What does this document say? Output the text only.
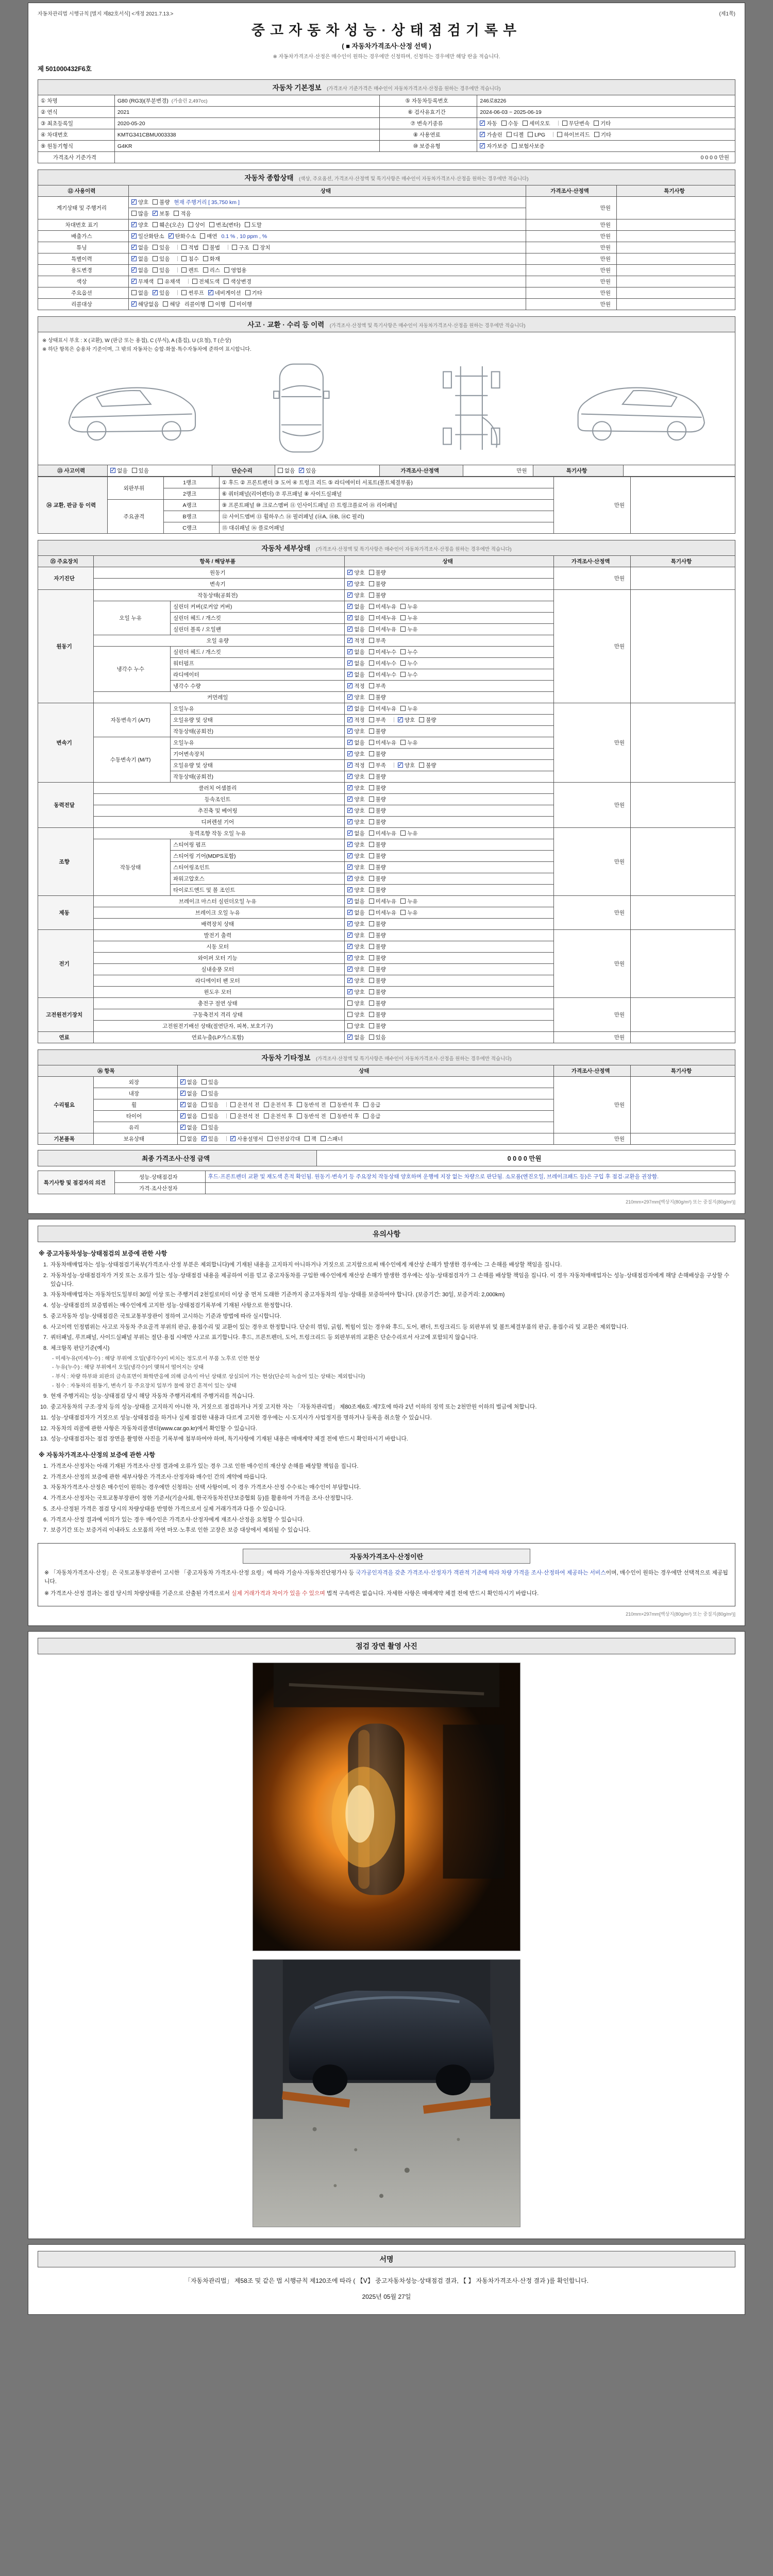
자동차관리법 시행규칙 [별지 제82호서식] <개정 2021.7.13.>	(제1쪽)
중고자동차성능·상태점검기록부
( ■ 자동차가격조사·산정 선택 )
※ 자동차가격조사·산정은 매수인이 원하는 경우에만 신청하며, 신청하는 경우에만 해당 란을 적습니다.
제 501000432F6호
자동차 기본정보 (가격조사 기준가격은 매수인이 자동차가격조사·산정을 원하는 경우에만 적습니다)
① 차명	G80 (RG3)(부분변경) (가솔린 2,497cc)	⑤ 자동차등록번호	246로8226
② 연식	2021	⑥ 검사유효기간	2024-06-03 ~ 2025-06-19
③ 최초등록일	2020-05-20	⑦ 변속기종류	✓자동 수동 세미오토 무단변속 기타
④ 차대번호	KMTG341CBMU003338	⑧ 사용연료	✓가솔린 디젤 LPG 하이브리드 기타
⑨ 원동기형식	G4KR	⑩ 보증유형	✓자가보증 보험사보증
가격조사 기준가격	0 0 0 0 만원		
자동차 종합상태 (색상, 주요옵션, 가격조사·산정액 및 특기사항은 매수인이 자동차가격조사·산정을 원하는 경우에만 적습니다)
⑫ 사용이력	상태	가격조사·산정액	특기사항
계기상태 및 주행거리	✓양호 불량 현재 주행거리 [ 35,750 km ]	만원	
	많음 ✓ 보통 적음
차대번호 표기	✓양호 훼손(오손) 상이 변조(변타) 도말	만원	
배출가스	✓일산화탄소 ✓ 탄화수소 매연 0.1 % , 10 ppm , %	만원	
튜닝	✓없음 있음 적법 불법 구조 장치	만원	
특별이력	✓없음 있음 침수 화재	만원	
용도변경	✓없음 있음 렌트 리스 영업용	만원	
색상	✓무채색 유채색 전체도색 색상변경	만원	
주요옵션	없음 ✓ 있음 썬루프 ✓ 네비게이션 기타	만원	
리콜대상	✓해당없음 해당 리콜이행 이행 미이행	만원	
사고 · 교환 · 수리 등 이력 (가격조사·산정액 및 특기사항은 매수인이 자동차가격조사·산정을 원하는 경우에만 적습니다)
※ 상태표시 부호 : X (교환), W (판금 또는 용접), C (부식), A (흠집), U (요철), T (손상)
※ 하단 항목은 승용차 기준이며, 그 밖의 자동차는 승합·화물·특수자동차에 준하여 표시합니다.
⑬ 사고이력	✓없음 있음	단순수리	없음 ✓ 있음	가격조사·산정액	만원	특기사항	
⑭ 교환, 판금 등 이력	외판부위	1랭크	① 후드 ② 프론트펜더 ③ 도어 ④ 트렁크 리드 ⑤ 라디에이터 서포트(볼트체결부품)	만원	
		2랭크	⑥ 쿼터패널(리어펜더) ⑦ 루프패널 ⑧ 사이드실패널		
	주요골격	A랭크	⑨ 프론트패널 ⑩ 크로스멤버 ⑪ 인사이드패널 ⑰ 트렁크플로어 ⑱ 리어패널		
		B랭크	⑫ 사이드멤버 ⑬ 휠하우스 ⑭ 필러패널 (⑭A, ⑭B, ⑭C 필러)		
		C랭크	⑮ 대쉬패널 ⑯ 플로어패널		
자동차 세부상태 (가격조사·산정액 및 특기사항은 매수인이 자동차가격조사·산정을 원하는 경우에만 적습니다)
⑮ 주요장치	항목 / 해당부품		상태	가격조사·산정액	특기사항
자기진단	원동기	✓양호 불량	만원	
	변속기	✓양호 불량
원동기	작동상태(공회전)	✓양호 불량	만원	
	오일 누유	실린더 커버(로커암 커버)	✓없음 미세누유 누유
		실린더 헤드 / 개스킷	✓없음 미세누유 누유
		실린더 블록 / 오일팬	✓없음 미세누유 누유
	오일 유량	✓적정 부족
	냉각수 누수	실린더 헤드 / 개스킷	✓없음 미세누수 누수
		워터펌프	✓없음 미세누수 누수
		라디에이터	✓없음 미세누수 누수
		냉각수 수량	✓적정 부족
	커먼레일	✓양호 불량
변속기	자동변속기 (A/T)	오일누유	✓없음 미세누유 누유	만원	
		오일유량 및 상태	✓적정 부족 ✓ 양호 불량
		작동상태(공회전)	✓양호 불량
	수동변속기 (M/T)	오일누유	✓없음 미세누유 누유
		기어변속장치	✓양호 불량
		오일유량 및 상태	✓적정 부족 ✓ 양호 불량
		작동상태(공회전)	✓양호 불량
동력전달	클러치 어셈블리	✓양호 불량	만원	
	등속조인트	✓양호 불량
	추진축 및 베어링	✓양호 불량
	디퍼렌셜 기어	✓양호 불량
조향	동력조향 작동 오일 누유	✓없음 미세누유 누유	만원	
	작동상태	스티어링 펌프	✓양호 불량
		스티어링 기어(MDPS포함)	✓양호 불량
		스티어링조인트	✓양호 불량
		파워고압호스	✓양호 불량
		타이로드엔드 및 볼 조인트	✓양호 불량
제동	브레이크 마스터 실린더오일 누유	✓없음 미세누유 누유	만원	
	브레이크 오일 누유	✓없음 미세누유 누유
	배력장치 상태	✓양호 불량
전기	발전기 출력	✓양호 불량	만원	
	시동 모터	✓양호 불량
	와이퍼 모터 기능	✓양호 불량
	실내송풍 모터	✓양호 불량
	라디에이터 팬 모터	✓양호 불량
	윈도우 모터	✓양호 불량
고전원전기장치	충전구 절연 상태		양호 불량	만원	
	구동축전지 격리 상태		양호 불량		
	고전원전기배선 상태(절연단자, 피복, 보호기구)		양호 불량		
연료	연료누출(LP가스포함)	✓없음 있음	만원	
자동차 기타정보 (가격조사·산정액 및 특기사항은 매수인이 자동차가격조사·산정을 원하는 경우에만 적습니다)
⑯ 항목		상태	가격조사·산정액	특기사항
수리필요	외장	✓없음 있음	만원	
	내장	✓없음 있음
	휠	✓없음 있음 운전석 전 운전석 후 동반석 전 동반석 후 응급
	타이어	✓없음 있음 운전석 전 운전석 후 동반석 전 동반석 후 응급
	유리	✓없음 있음
기본품목	보유상태	없음 ✓ 있음 ✓ 사용설명서 안전삼각대 잭 스패너	만원	
최종 가격조사·산정 금액	0 0 0 0 만원
특기사항 및 점검자의 의견	성능·상태점검자	후드·프론트펜더 교환 및 재도색 흔적 확인됨. 원동기·변속기 등 주요장치 작동상태 양호하며 운행에 지장 없는 차량으로 판단됨. 소모품(엔진오일, 브레이크패드 등)은 구입 후 점검·교환을 권장함.
	가격·조사산정자	
210mm×297mm[백상지(80g/m²) 또는 중질지(80g/m²)]
유의사항
※ 중고자동차성능·상태점검의 보증에 관한 사항
1. 자동차매매업자는 성능·상태점검기록부(가격조사·산정 부분은 제외합니다)에 기재된 내용을 고지하지 아니하거나 거짓으로 고지함으로써 매수인에게 재산상 손해가 발생한 경우에는 그 손해를 배상할 책임을 집니다.
2. 자동차성능·상태점검자가 거짓 또는 오류가 있는 성능·상태점검 내용을 제공하여 이를 믿고 중고자동차를 구입한 매수인에게 재산상 손해가 발생한 경우에는 성능·상태점검자가 그 손해를 배상할 책임을 집니다. 이 경우 자동차매매업자는 성능·상태점검자에게 해당 손해배상을 구상할 수 있습니다.
3. 자동차매매업자는 자동차인도일부터 30일 이상 또는 주행거리 2천킬로미터 이상 중 먼저 도래한 기준까지 중고자동차의 성능·상태를 보증하여야 합니다. (보증기간: 30일, 보증거리: 2,000km)
4. 성능·상태점검의 보증범위는 매수인에게 고지한 성능·상태점검기록부에 기재된 사항으로 한정합니다.
5. 중고자동차 성능·상태점검은 국토교통부장관이 정하여 고시하는 기준과 방법에 따라 실시합니다.
6. 사고이력 인정범위는 사고로 자동차 주요골격 부위의 판금, 용접수리 및 교환이 있는 경우로 한정합니다. 단순히 꺾임, 긁힘, 찍힘이 있는 경우와 후드, 도어, 펜더, 트렁크리드 등 외판부위 및 볼트체결부품의 판금, 용접수리 및 교환은 제외합니다.
7. 쿼터패널, 루프패널, 사이드실패널 부위는 절단·용접 시에만 사고로 표기합니다. 후드, 프론트펜더, 도어, 트렁크리드 등 외판부위의 교환은 단순수리로서 사고에 포함되지 않습니다.
8. 체크항목 판단기준(예시)
- 미세누유(미세누수) : 해당 부위에 오일(냉각수)이 비치는 정도로서 부품 노후로 인한 현상
- 누유(누수) : 해당 부위에서 오일(냉각수)이 맺혀서 떨어지는 상태
- 부식 : 차량 하부와 외판의 금속표면이 화학반응에 의해 금속이 아닌 상태로 상실되어 가는 현상(단순히 녹슬어 있는 상태는 제외합니다)
- 침수 : 자동차의 원동기, 변속기 등 주요장치 일부가 물에 잠긴 흔적이 있는 상태
9. 현재 주행거리는 성능·상태점검 당시 해당 자동차 주행거리계의 주행거리를 적습니다.
10. 중고자동차의 구조·장치 등의 성능·상태를 고지하지 아니한 자, 거짓으로 점검하거나 거짓 고지한 자는 「자동차관리법」 제80조제6호·제7호에 따라 2년 이하의 징역 또는 2천만원 이하의 벌금에 처합니다.
11. 성능·상태점검자가 거짓으로 성능·상태점검을 하거나 실제 점검한 내용과 다르게 고지한 경우에는 시·도지사가 사업정지를 명하거나 등록을 취소할 수 있습니다.
12. 자동차의 리콜에 관한 사항은 자동차리콜센터(www.car.go.kr)에서 확인할 수 있습니다.
13. 성능·상태점검자는 점검 장면을 촬영한 사진을 기록부에 첨부하여야 하며, 특기사항에 기재된 내용은 매매계약 체결 전에 반드시 확인하시기 바랍니다.
※ 자동차가격조사·산정의 보증에 관한 사항
1. 가격조사·산정자는 아래 기재된 가격조사·산정 결과에 오류가 있는 경우 그로 인한 매수인의 재산상 손해를 배상할 책임을 집니다.
2. 가격조사·산정의 보증에 관한 세부사항은 가격조사·산정자와 매수인 간의 계약에 따릅니다.
3. 자동차가격조사·산정은 매수인이 원하는 경우에만 신청하는 선택 사항이며, 이 경우 가격조사·산정 수수료는 매수인이 부담합니다.
4. 가격조사·산정자는 국토교통부장관이 정한 기준서(기술사회, 한국자동차진단보증협회 등)를 활용하여 가격을 조사·산정합니다.
5. 조사·산정된 가격은 점검 당시의 차량상태를 반영한 가격으로서 실제 거래가격과 다를 수 있습니다.
6. 가격조사·산정 결과에 이의가 있는 경우 매수인은 가격조사·산정자에게 재조사·산정을 요청할 수 있습니다.
7. 보증기간 또는 보증거리 이내라도 소모품의 자연 마모·노후로 인한 고장은 보증 대상에서 제외될 수 있습니다.
자동차가격조사·산정이란
※ 「자동차가격조사·산정」은 국토교통부장관이 고시한 「중고자동차 가격조사·산정 요령」에 따라 기술사·자동차진단평가사 등 국가공인자격을 갖춘 가격조사·산정자가 객관적 기준에 따라 차량 가격을 조사·산정하여 제공하는 서비스이며, 매수인이 원하는 경우에만 선택적으로 제공됩니다.
※ 가격조사·산정 결과는 점검 당시의 차량상태를 기준으로 산출된 가격으로서 실제 거래가격과 차이가 있을 수 있으며 법적 구속력은 없습니다. 자세한 사항은 매매계약 체결 전에 반드시 확인하시기 바랍니다.
210mm×297mm[백상지(80g/m²) 또는 중질지(80g/m²)]
점검 장면 촬영 사진
서명
「자동차관리법」 제58조 및 같은 법 시행규칙 제120조에 따라 ( 【Ⅴ】 중고자동차성능·상태점검 결과, 【 】 자동차가격조사·산정 결과 )를 확인합니다.
2025년 05월 27일
